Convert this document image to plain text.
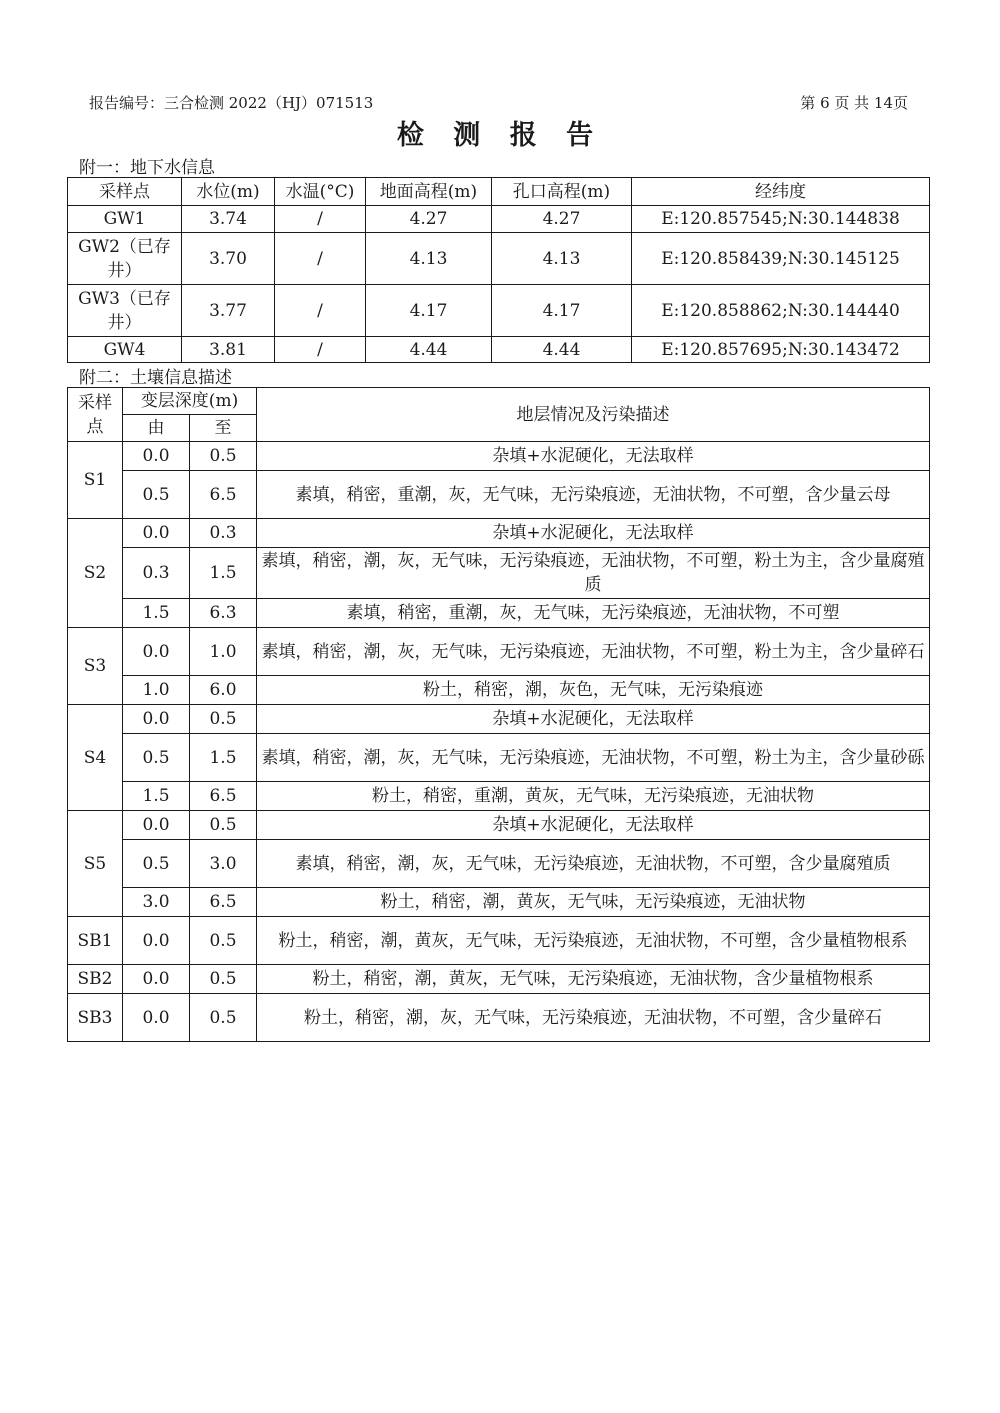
报告编号：三合检测 2022（HJ）071513	第 6 页 共 14页
检 测 报 告
附一：地下水信息
采样点	水位(m)	水温(°C)	地面高程(m)	孔口高程(m)	经纬度
GW1	3.74	/	4.27	4.27	E:120.857545;N:30.144838
GW2（已存井）	3.70	/	4.13	4.13	E:120.858439;N:30.145125
GW3（已存井）	3.77	/	4.17	4.17	E:120.858862;N:30.144440
GW4	3.81	/	4.44	4.44	E:120.857695;N:30.143472
附二：土壤信息描述
采样点	变层深度(m)		地层情况及污染描述
	由	至	
S1	0.0	0.5	杂填+水泥硬化，无法取样
	0.5	6.5	素填，稍密，重潮，灰，无气味，无污染痕迹，无油状物，不可塑，含少量云母
S2	0.0	0.3	杂填+水泥硬化，无法取样
	0.3	1.5	素填，稍密，潮，灰，无气味，无污染痕迹，无油状物，不可塑，粉土为主，含少量腐殖质
	1.5	6.3	素填，稍密，重潮，灰，无气味，无污染痕迹，无油状物，不可塑
S3	0.0	1.0	素填，稍密，潮，灰，无气味，无污染痕迹，无油状物，不可塑，粉土为主，含少量碎石
	1.0	6.0	粉土，稍密，潮，灰色，无气味，无污染痕迹
S4	0.0	0.5	杂填+水泥硬化，无法取样
	0.5	1.5	素填，稍密，潮，灰，无气味，无污染痕迹，无油状物，不可塑，粉土为主，含少量砂砾
	1.5	6.5	粉土，稍密，重潮，黄灰，无气味，无污染痕迹，无油状物
S5	0.0	0.5	杂填+水泥硬化，无法取样
	0.5	3.0	素填，稍密，潮，灰，无气味，无污染痕迹，无油状物，不可塑，含少量腐殖质
	3.0	6.5	粉土，稍密，潮，黄灰，无气味，无污染痕迹，无油状物
SB1	0.0	0.5	粉土，稍密，潮，黄灰，无气味，无污染痕迹，无油状物，不可塑，含少量植物根系
SB2	0.0	0.5	粉土，稍密，潮，黄灰，无气味，无污染痕迹，无油状物，含少量植物根系
SB3	0.0	0.5	粉土，稍密，潮，灰，无气味，无污染痕迹，无油状物，不可塑，含少量碎石
